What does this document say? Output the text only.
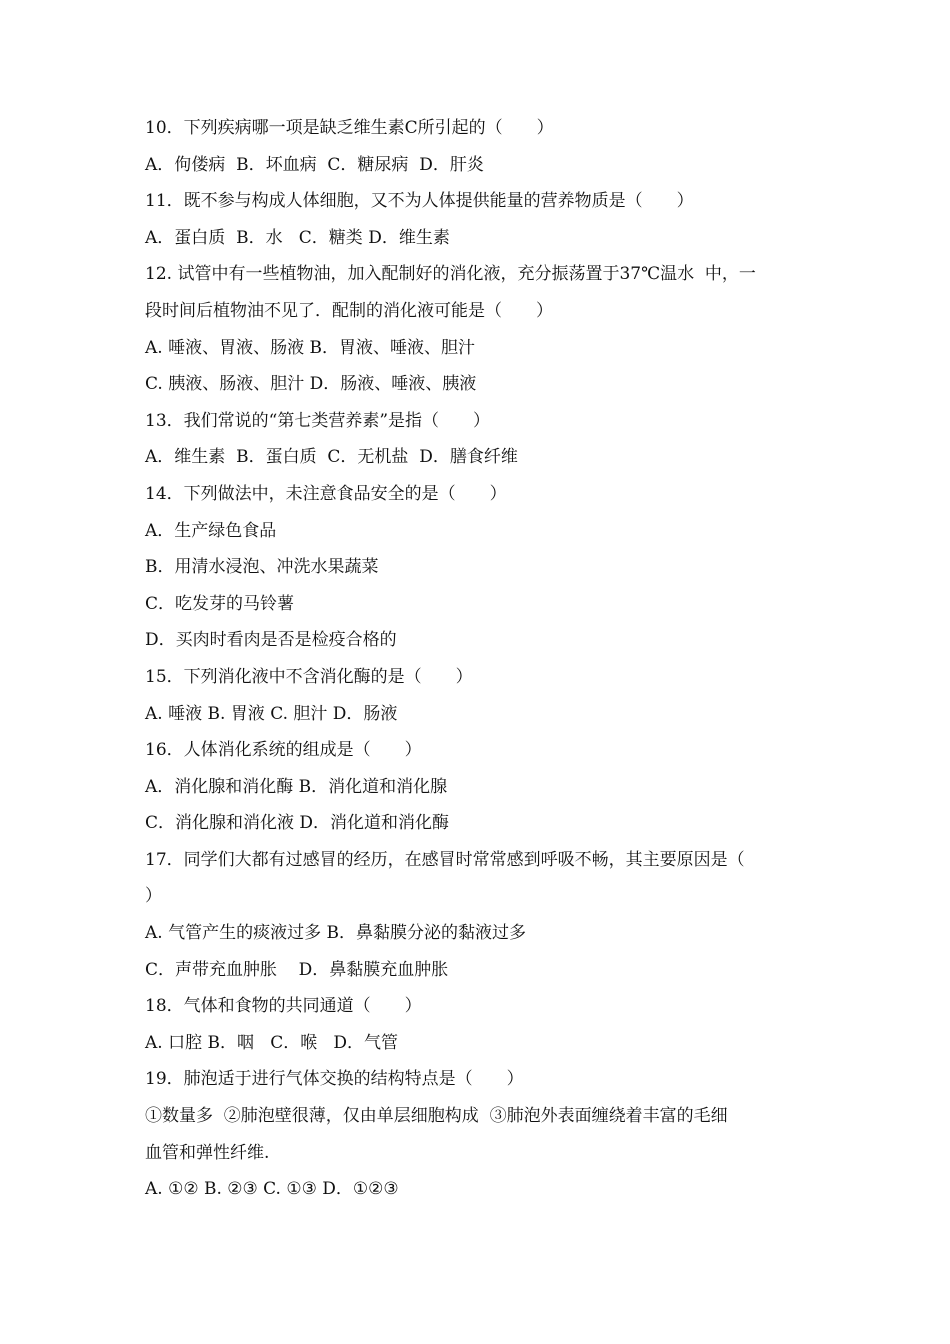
10．下列疾病哪一项是缺乏维生素C所引起的（　　）
A．佝偻病  B．坏血病  C．糖尿病  D．肝炎
11．既不参与构成人体细胞，又不为人体提供能量的营养物质是（　　）
A．蛋白质  B．水   C．糖类 D．维生素
12. 试管中有一些植物油，加入配制好的消化液，充分振荡置于37℃温水  中，一
段时间后植物油不见了．配制的消化液可能是（　　）
A. 唾液、胃液、肠液 B．胃液、唾液、胆汁
C. 胰液、肠液、胆汁 D．肠液、唾液、胰液
13．我们常说的“第七类营养素”是指（　　）
A．维生素  B．蛋白质  C．无机盐  D．膳食纤维
14．下列做法中，未注意食品安全的是（　　）
A．生产绿色食品
B．用清水浸泡、冲洗水果蔬菜
C．吃发芽的马铃薯
D．买肉时看肉是否是检疫合格的
15．下列消化液中不含消化酶的是（　　）
A. 唾液 B. 胃液 C. 胆汁 D．肠液
16．人体消化系统的组成是（　　）
A．消化腺和消化酶 B．消化道和消化腺
C．消化腺和消化液 D．消化道和消化酶
17．同学们大都有过感冒的经历，在感冒时常常感到呼吸不畅，其主要原因是（
）
A. 气管产生的痰液过多 B．鼻黏膜分泌的黏液过多
C．声带充血肿胀    D．鼻黏膜充血肿胀
18．气体和食物的共同通道（　　）
A. 口腔 B．咽   C．喉   D．气管
19．肺泡适于进行气体交换的结构特点是（　　）
①数量多  ②肺泡壁很薄，仅由单层细胞构成  ③肺泡外表面缠绕着丰富的毛细
血管和弹性纤维.
A. ①② B. ②③ C. ①③ D．①②③
